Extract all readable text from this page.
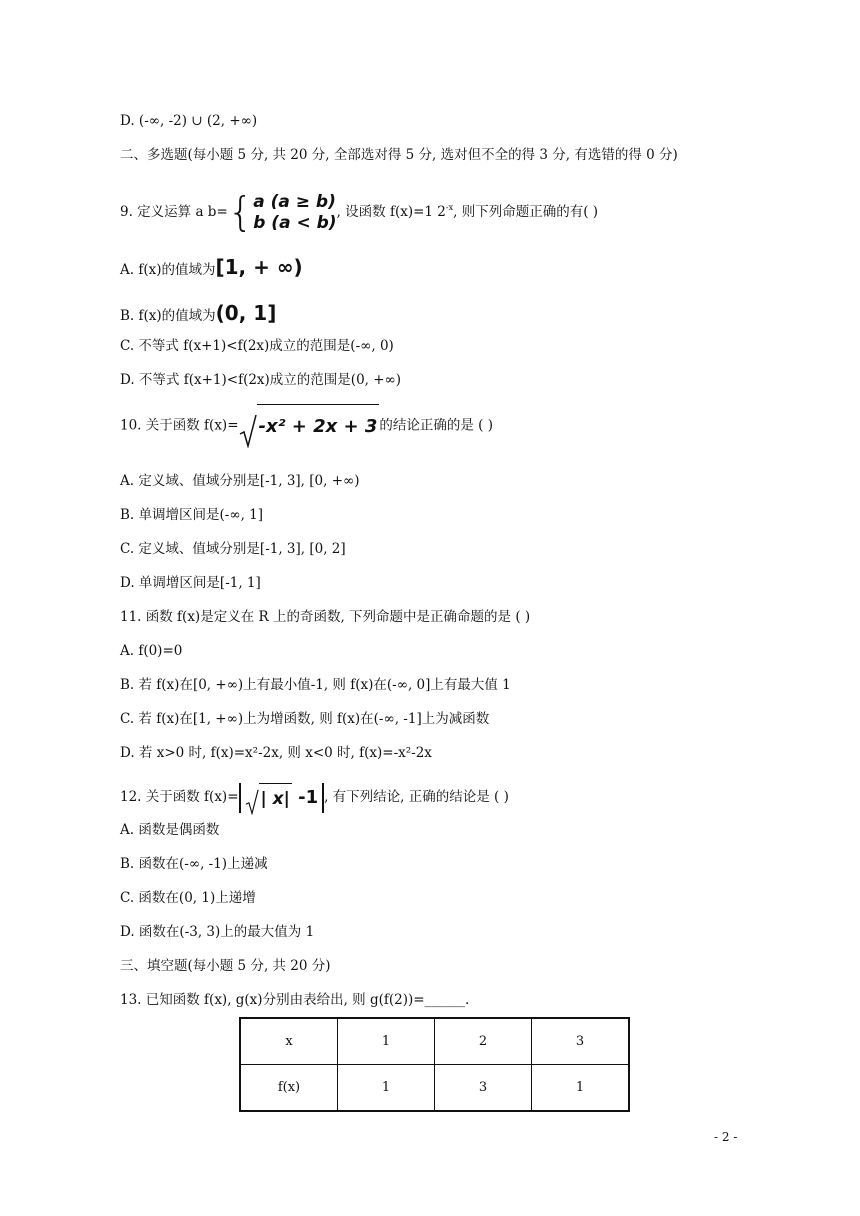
D. (-∞, -2) ∪ (2, +∞)
二、多选题(每小题 5 分, 共 20 分, 全部选对得 5 分, 选对但不全的得 3 分, 有选错的得 0 分)
9. 定义运算 a b={ a (a ≥ b)
b (a < b)
, 设函数 f(x)=1 $2^{-x}$, 则下列命题正确的有( )
A. f(x)的值域为[1, + ∞)
B. f(x)的值域为(0, 1]
C. 不等式 f(x+1)<f(2x)成立的范围是(-∞, 0)
D. 不等式 f(x+1)<f(2x)成立的范围是(0, +∞)
10. 关于函数 f(x)= -x² + 2x + 3 的结论正确的是 ( )
A. 定义域、值域分别是[-1, 3], [0, +∞)
B. 单调增区间是(-∞, 1]
C. 定义域、值域分别是[-1, 3], [0, 2]
D. 单调增区间是[-1, 1]
11. 函数 f(x)是定义在 R 上的奇函数, 下列命题中是正确命题的是 ( )
A. f(0)=0
B. 若 f(x)在[0, +∞)上有最小值-1, 则 f(x)在(-∞, 0]上有最大值 1
C. 若 f(x)在[1, +∞)上为增函数, 则 f(x)在(-∞, -1]上为减函数
D. 若 x>0 时, f(x)=x²-2x, 则 x<0 时, f(x)=-x²-2x
12. 关于函数 f(x)= | x| -1 , 有下列结论, 正确的结论是 ( )
A. 函数是偶函数
B. 函数在(-∞, -1)上递减
C. 函数在(0, 1)上递增
D. 函数在(-3, 3)上的最大值为 1
三、填空题(每小题 5 分, 共 20 分)
13. 已知函数 f(x), g(x)分别由表给出, 则 g(f(2))=______.
x	1	2	3
f(x)	1	3	1
- 2 -
